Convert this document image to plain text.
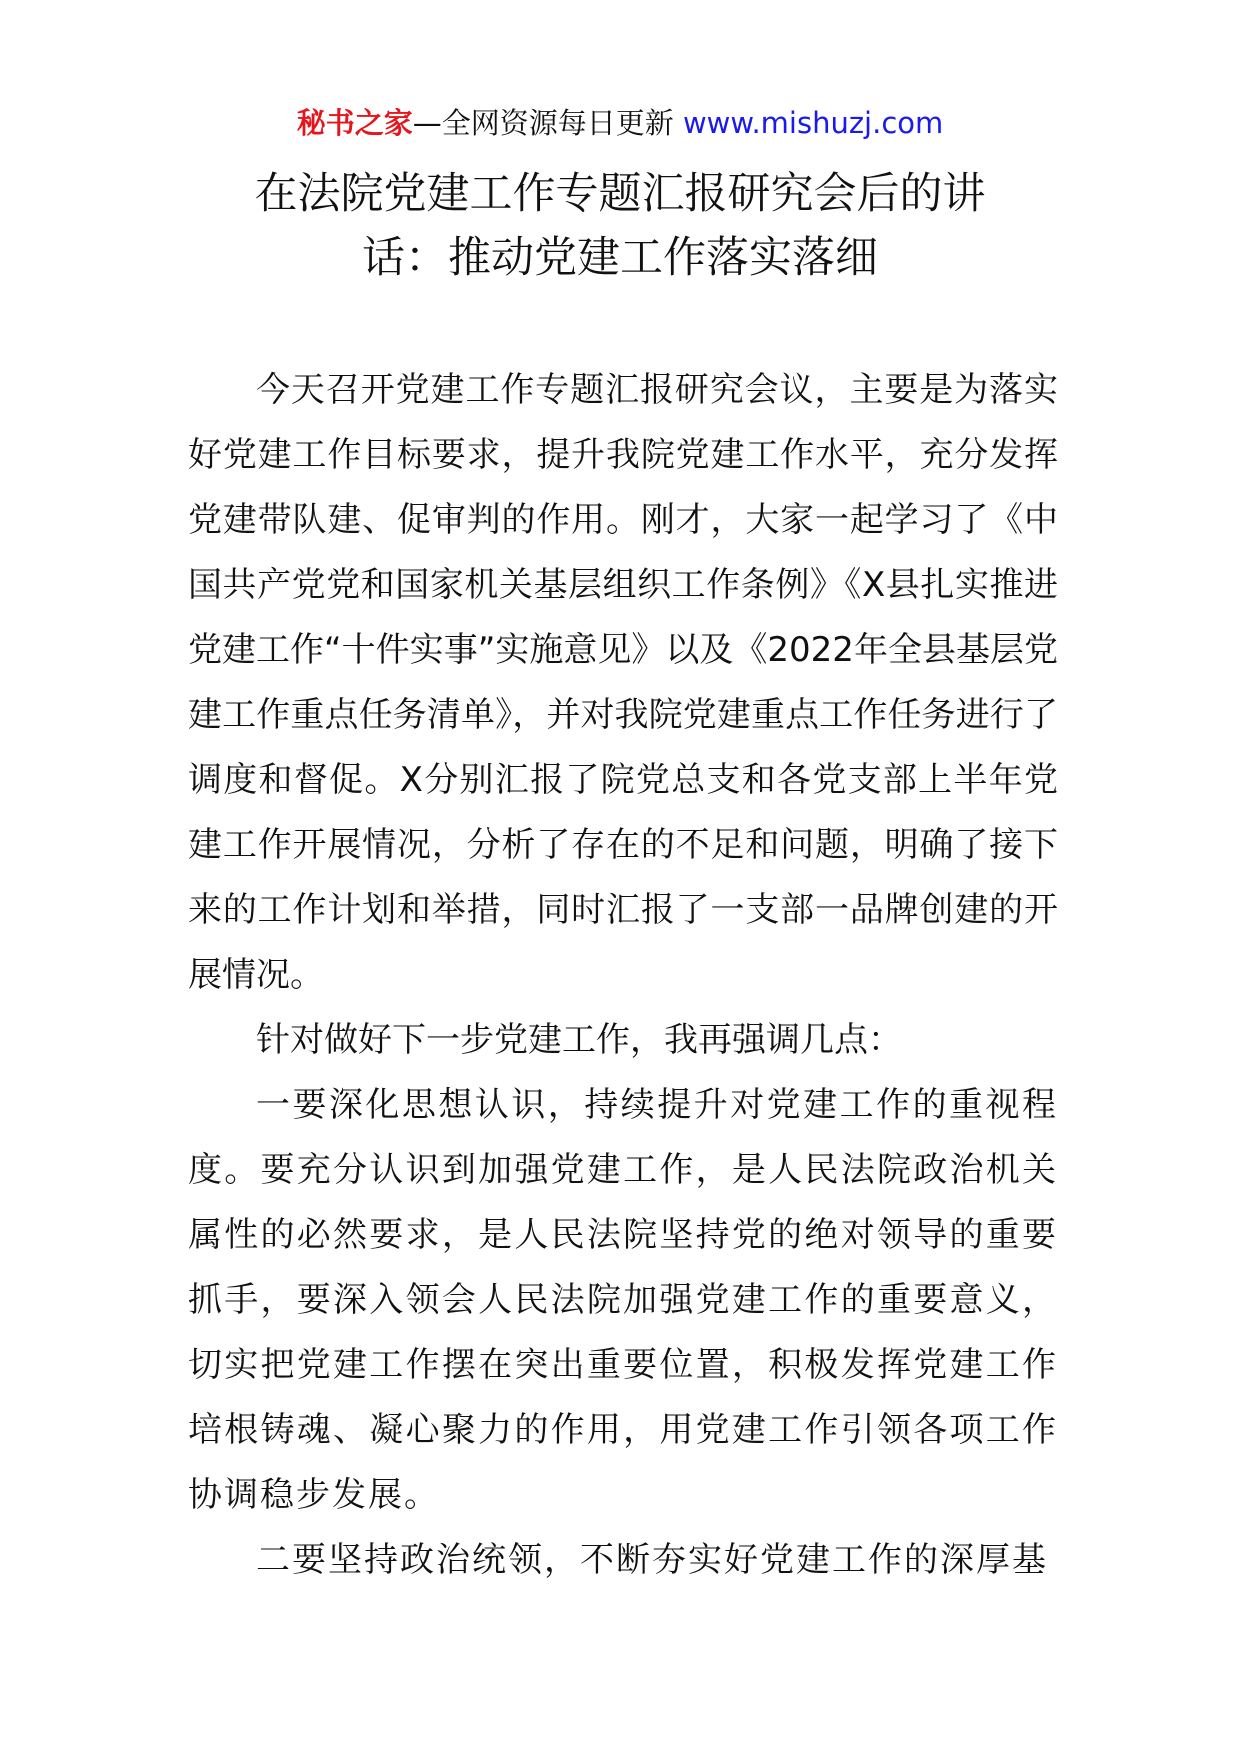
秘书之家—全网资源每日更新 www.mishuzj.com
在法院党建工作专题汇报研究会后的讲
话：推动党建工作落实落细

今天召开党建工作专题汇报研究会议，主要是为落实好党建工作目标要求，提升我院党建工作水平，充分发挥党建带队建、促审判的作用。刚才，大家一起学习了《中国共产党党和国家机关基层组织工作条例》《X县扎实推进党建工作“十件实事”实施意见》以及《2022年全县基层党建工作重点任务清单》，并对我院党建重点工作任务进行了调度和督促。X分别汇报了院党总支和各党支部上半年党建工作开展情况，分析了存在的不足和问题，明确了接下来的工作计划和举措，同时汇报了一支部一品牌创建的开展情况。

针对做好下一步党建工作，我再强调几点：

一要深化思想认识，持续提升对党建工作的重视程度。要充分认识到加强党建工作，是人民法院政治机关属性的必然要求，是人民法院坚持党的绝对领导的重要抓手，要深入领会人民法院加强党建工作的重要意义，切实把党建工作摆在突出重要位置，积极发挥党建工作培根铸魂、凝心聚力的作用，用党建工作引领各项工作协调稳步发展。

二要坚持政治统领，不断夯实好党建工作的深厚基
